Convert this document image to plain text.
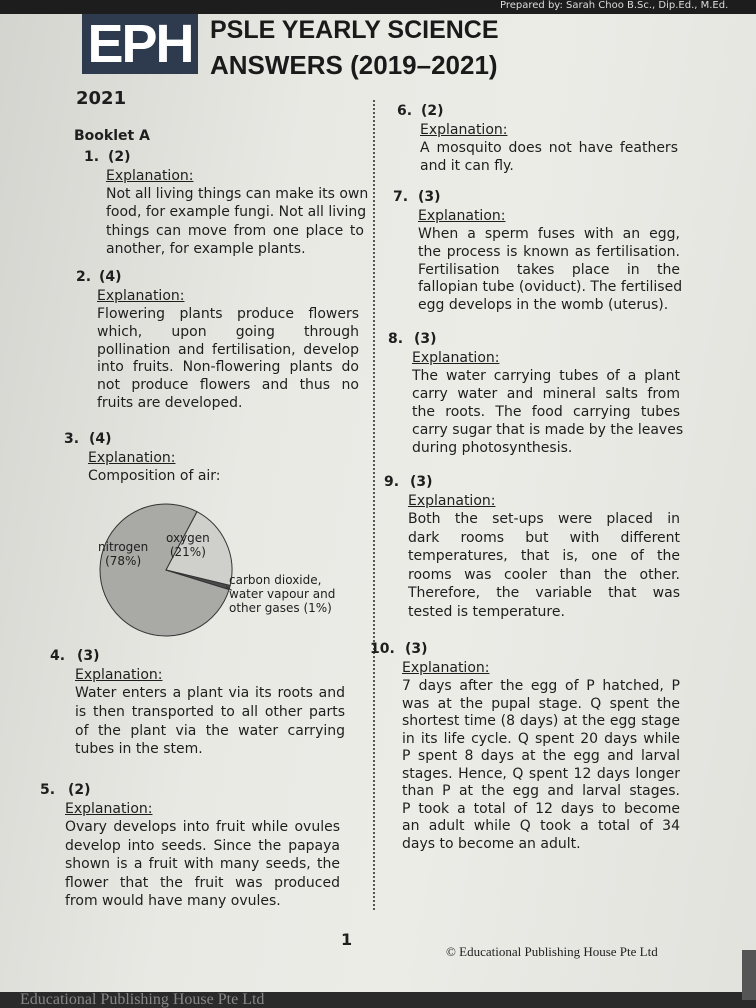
Prepared by: Sarah Choo B.Sc., Dip.Ed., M.Ed.
EPH PSLE YEARLY SCIENCE
ANSWERS (2019–2021)
2021
Booklet A
1. (2)
Explanation:
Not all living things can make its own
food, for example fungi. Not all living
things can move from one place to
another, for example plants.
2. (4)
Explanation:
Flowering plants produce flowers
which, upon going through
pollination and fertilisation, develop
into fruits. Non-flowering plants do
not produce flowers and thus no
fruits are developed.
3. (4)
Explanation:
Composition of air:
4. (3)
Explanation:
Water enters a plant via its roots and
is then transported to all other parts
of the plant via the water carrying
tubes in the stem.
5. (2)
Explanation:
Ovary develops into fruit while ovules
develop into seeds. Since the papaya
shown is a fruit with many seeds, the
flower that the fruit was produced
from would have many ovules.
6. (2)
Explanation:
A mosquito does not have feathers
and it can fly.
7. (3)
Explanation:
When a sperm fuses with an egg,
the process is known as fertilisation.
Fertilisation takes place in the
fallopian tube (oviduct). The fertilised
egg develops in the womb (uterus).
8. (3)
Explanation:
The water carrying tubes of a plant
carry water and mineral salts from
the roots. The food carrying tubes
carry sugar that is made by the leaves
during photosynthesis.
9. (3)
Explanation:
Both the set-ups were placed in
dark rooms but with different
temperatures, that is, one of the
rooms was cooler than the other.
Therefore, the variable that was
tested is temperature.
10. (3)
Explanation:
7 days after the egg of P hatched, P
was at the pupal stage. Q spent the
shortest time (8 days) at the egg stage
in its life cycle. Q spent 20 days while
P spent 8 days at the egg and larval
stages. Hence, Q spent 12 days longer
than P at the egg and larval stages.
P took a total of 12 days to become
an adult while Q took a total of 34
days to become an adult.
nitrogen
(78%)
oxygen
(21%)
carbon dioxide,
water vapour and
other gases (1%)
1
© Educational Publishing House Pte Ltd
Educational Publishing House Pte Ltd
